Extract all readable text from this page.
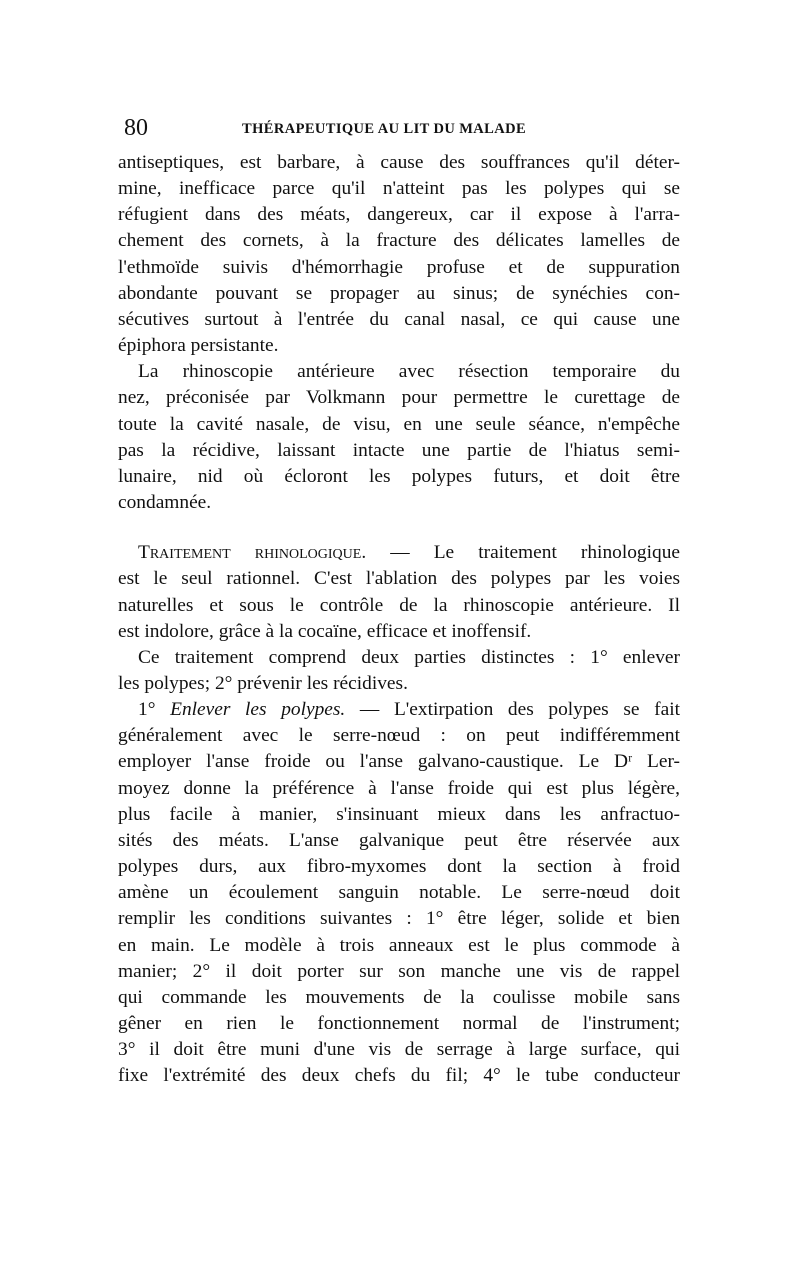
80	THÉRAPEUTIQUE AU LIT DU MALADE

antiseptiques, est barbare, à cause des souffrances qu'il déter-
mine, inefficace parce qu'il n'atteint pas les polypes qui se
réfugient dans des méats, dangereux, car il expose à l'arra-
chement des cornets, à la fracture des délicates lamelles de
l'ethmoïde suivis d'hémorrhagie profuse et de suppuration
abondante pouvant se propager au sinus; de synéchies con-
sécutives surtout à l'entrée du canal nasal, ce qui cause une
épiphora persistante.

La rhinoscopie antérieure avec résection temporaire du
nez, préconisée par Volkmann pour permettre le curettage de
toute la cavité nasale, de visu, en une seule séance, n'empêche
pas la récidive, laissant intacte une partie de l'hiatus semi-
lunaire, nid où écloront les polypes futurs, et doit être
condamnée.

Traitement rhinologique. — Le traitement rhinologique
est le seul rationnel. C'est l'ablation des polypes par les voies
naturelles et sous le contrôle de la rhinoscopie antérieure. Il
est indolore, grâce à la cocaïne, efficace et inoffensif.

Ce traitement comprend deux parties distinctes : 1° enlever
les polypes; 2° prévenir les récidives.

1° Enlever les polypes. — L'extirpation des polypes se fait
généralement avec le serre-nœud : on peut indifféremment
employer l'anse froide ou l'anse galvano-caustique. Le Dʳ Ler-
moyez donne la préférence à l'anse froide qui est plus légère,
plus facile à manier, s'insinuant mieux dans les anfractuo-
sités des méats. L'anse galvanique peut être réservée aux
polypes durs, aux fibro-myxomes dont la section à froid
amène un écoulement sanguin notable. Le serre-nœud doit
remplir les conditions suivantes : 1° être léger, solide et bien
en main. Le modèle à trois anneaux est le plus commode à
manier; 2° il doit porter sur son manche une vis de rappel
qui commande les mouvements de la coulisse mobile sans
gêner en rien le fonctionnement normal de l'instrument;
3° il doit être muni d'une vis de serrage à large surface, qui
fixe l'extrémité des deux chefs du fil; 4° le tube conducteur
